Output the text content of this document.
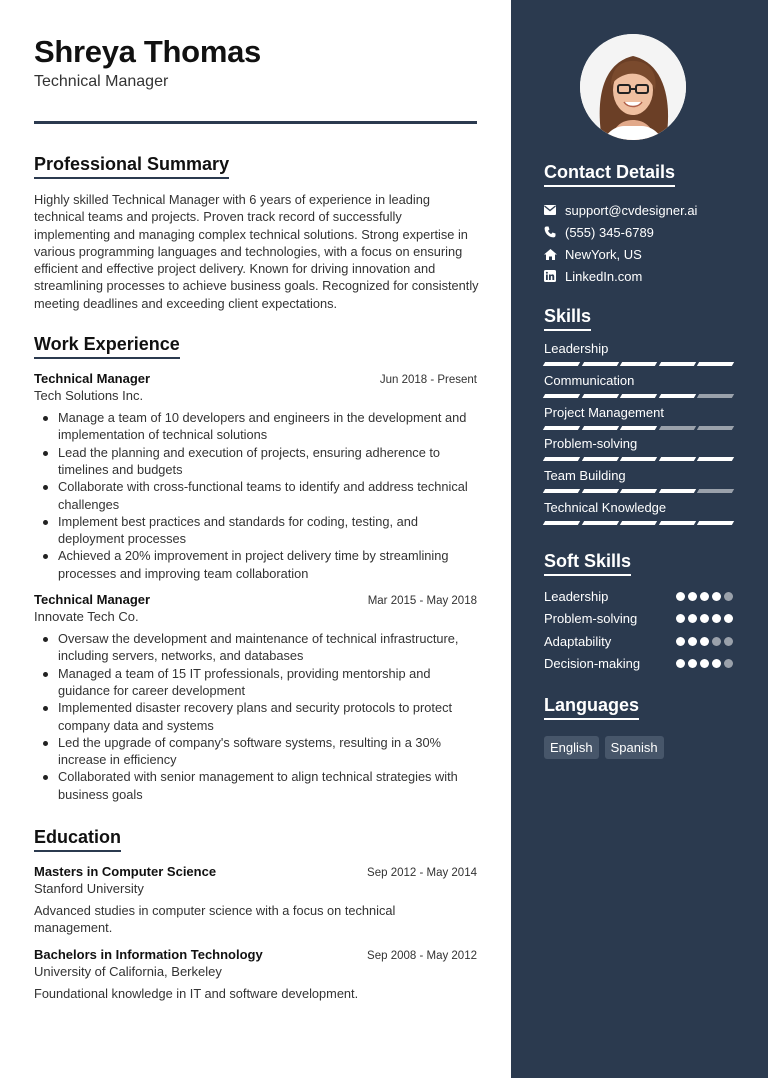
Shreya Thomas
Technical Manager
Professional Summary
Highly skilled Technical Manager with 6 years of experience in leading technical teams and projects. Proven track record of successfully implementing and managing complex technical solutions. Strong expertise in various programming languages and technologies, with a focus on ensuring efficient and effective project delivery. Known for driving innovation and streamlining processes to achieve business goals. Recognized for consistently meeting deadlines and exceeding client expectations.
Work Experience
Technical Manager	Jun 2018 - Present
Tech Solutions Inc.
Manage a team of 10 developers and engineers in the development and implementation of technical solutions
Lead the planning and execution of projects, ensuring adherence to timelines and budgets
Collaborate with cross-functional teams to identify and address technical challenges
Implement best practices and standards for coding, testing, and deployment processes
Achieved a 20% improvement in project delivery time by streamlining processes and improving team collaboration
Technical Manager	Mar 2015 - May 2018
Innovate Tech Co.
Oversaw the development and maintenance of technical infrastructure, including servers, networks, and databases
Managed a team of 15 IT professionals, providing mentorship and guidance for career development
Implemented disaster recovery plans and security protocols to protect company data and systems
Led the upgrade of company's software systems, resulting in a 30% increase in efficiency
Collaborated with senior management to align technical strategies with business goals
Education
Masters in Computer Science	Sep 2012 - May 2014
Stanford University
Advanced studies in computer science with a focus on technical management.
Bachelors in Information Technology	Sep 2008 - May 2012
University of California, Berkeley
Foundational knowledge in IT and software development.
Contact Details
support@cvdesigner.ai
(555) 345-6789
NewYork, US
LinkedIn.com
Skills
Leadership
Communication
Project Management
Problem-solving
Team Building
Technical Knowledge
Soft Skills
Leadership
Problem-solving
Adaptability
Decision-making
Languages
English	Spanish
